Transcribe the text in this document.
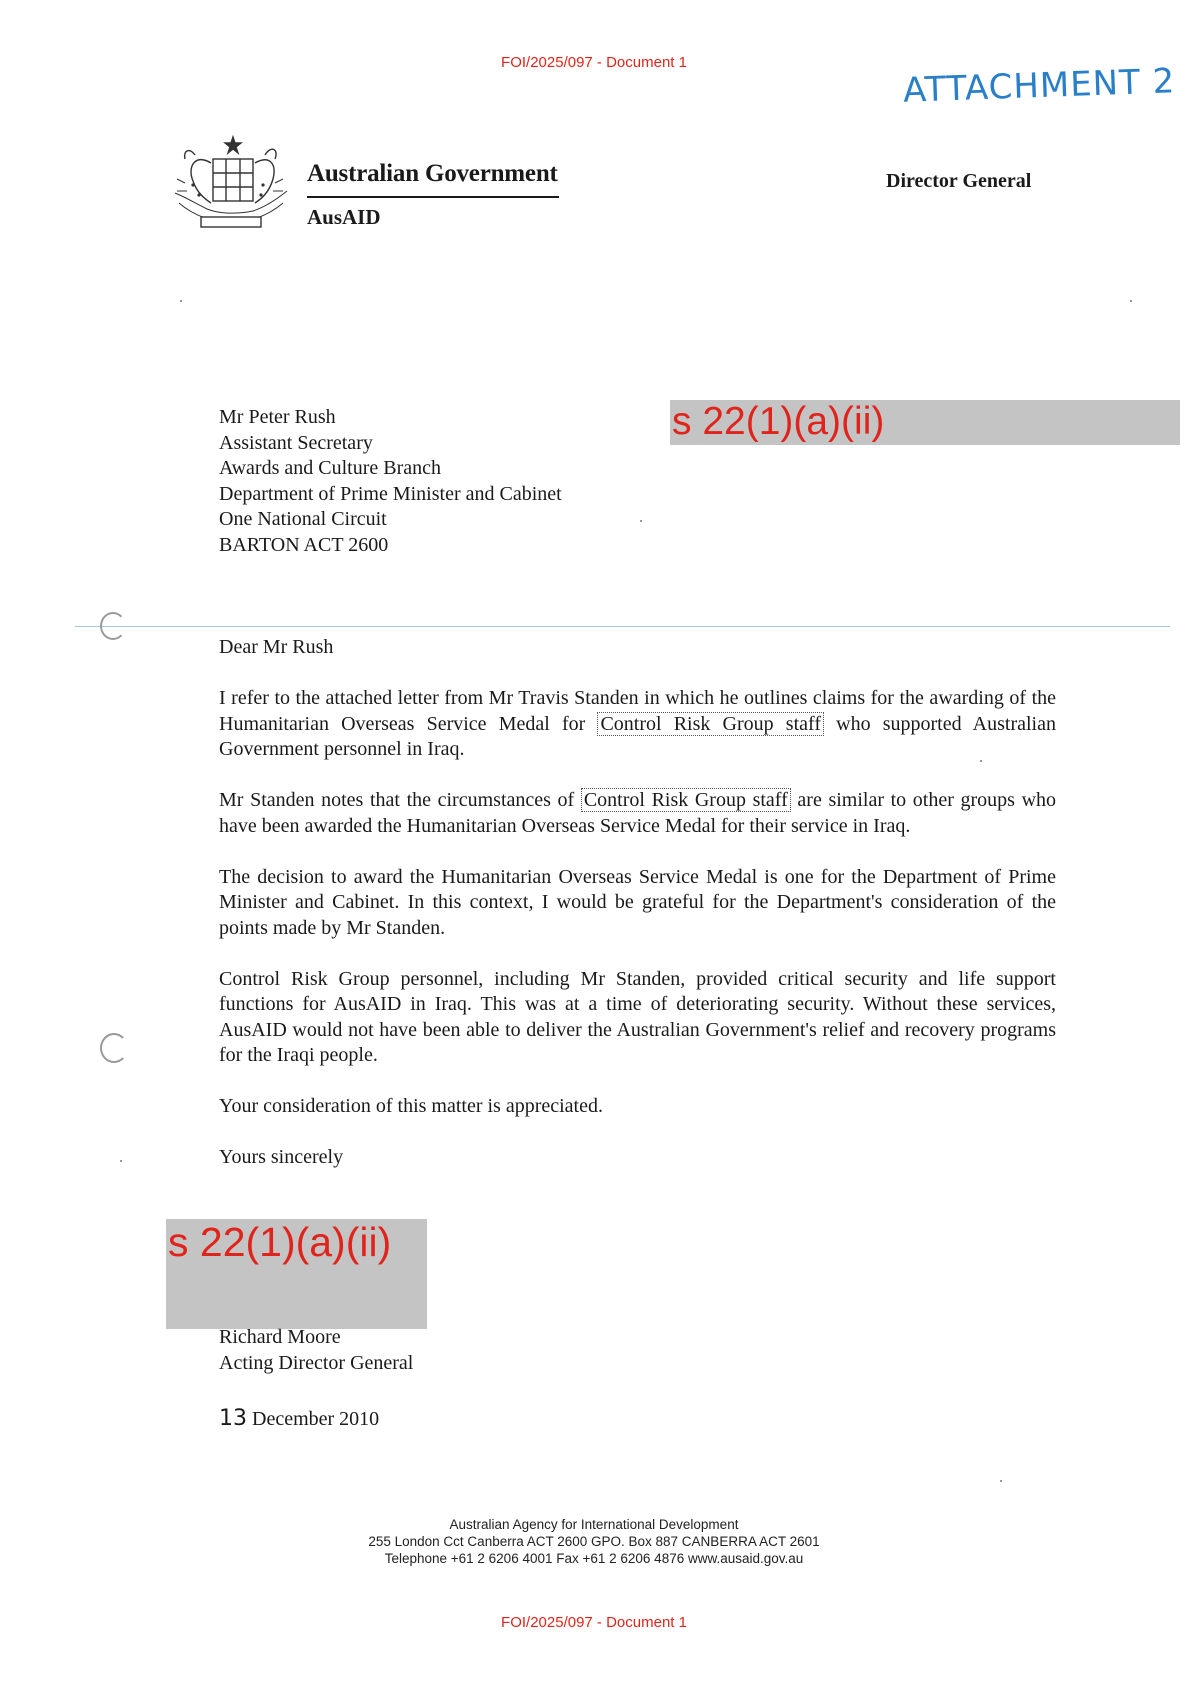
FOI/2025/097 - Document 1	ATTACHMENT 2
Australian Government
AusAID
Director General
Mr Peter Rush
Assistant Secretary
Awards and Culture Branch
Department of Prime Minister and Cabinet
One National Circuit
BARTON ACT 2600
s 22(1)(a)(ii)
Dear Mr Rush

I refer to the attached letter from Mr Travis Standen in which he outlines claims for the awarding of the Humanitarian Overseas Service Medal for Control Risk Group staff who supported Australian Government personnel in Iraq.

Mr Standen notes that the circumstances of Control Risk Group staff are similar to other groups who have been awarded the Humanitarian Overseas Service Medal for their service in Iraq.

The decision to award the Humanitarian Overseas Service Medal is one for the Department of Prime Minister and Cabinet. In this context, I would be grateful for the Department's consideration of the points made by Mr Standen.

Control Risk Group personnel, including Mr Standen, provided critical security and life support functions for AusAID in Iraq. This was at a time of deteriorating security. Without these services, AusAID would not have been able to deliver the Australian Government's relief and recovery programs for the Iraqi people.

Your consideration of this matter is appreciated.

Yours sincerely

s 22(1)(a)(ii)
Richard Moore
Acting Director General
13 December 2010
Australian Agency for International Development
255 London Cct Canberra ACT 2600 GPO. Box 887 CANBERRA ACT 2601
Telephone +61 2 6206 4001 Fax +61 2 6206 4876 www.ausaid.gov.au
FOI/2025/097 - Document 1
